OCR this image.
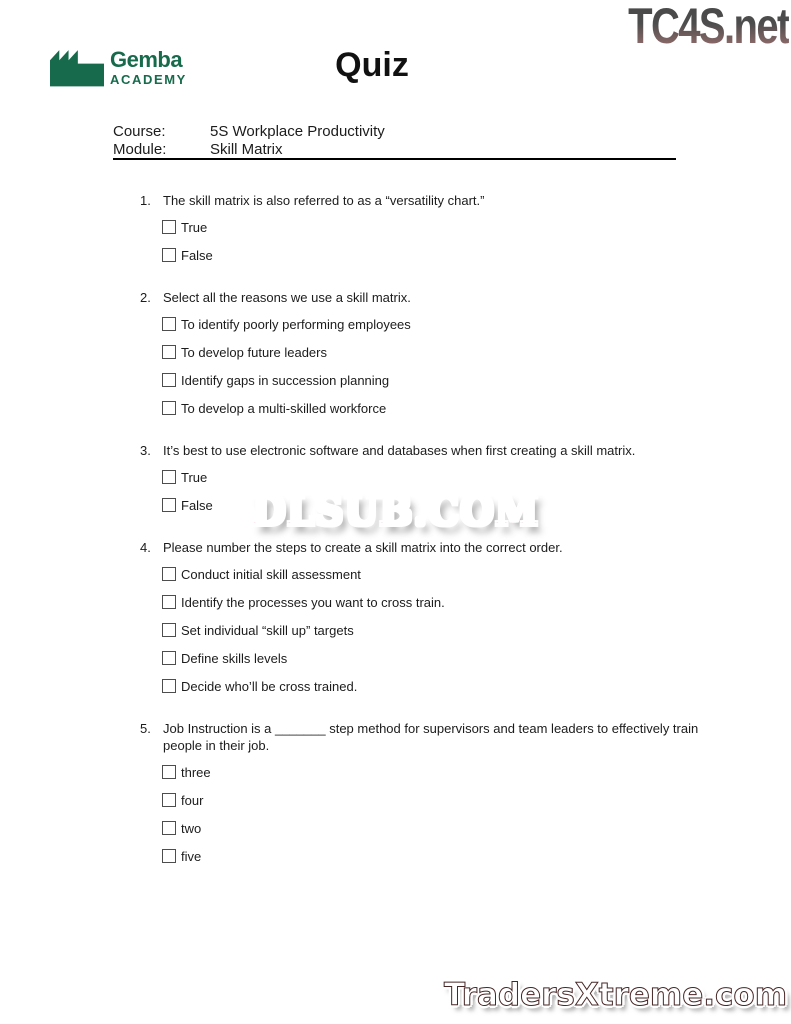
Gemba
ACADEMY	Quiz
TC4S.net
Course:	5S Workplace Productivity
Module:	Skill Matrix
1. The skill matrix is also referred to as a “versatility chart.”
True
False
2. Select all the reasons we use a skill matrix.
To identify poorly performing employees
To develop future leaders
Identify gaps in succession planning
To develop a multi-skilled workforce
3. It’s best to use electronic software and databases when first creating a skill matrix.
True
False
4. Please number the steps to create a skill matrix into the correct order.
Conduct initial skill assessment
Identify the processes you want to cross train.
Set individual “skill up” targets
Define skills levels
Decide who’ll be cross trained.
5. Job Instruction is a _______ step method for supervisors and team leaders to effectively train people in their job.
three
four
two
five
DLSUB.COM
TradersXtreme.com
